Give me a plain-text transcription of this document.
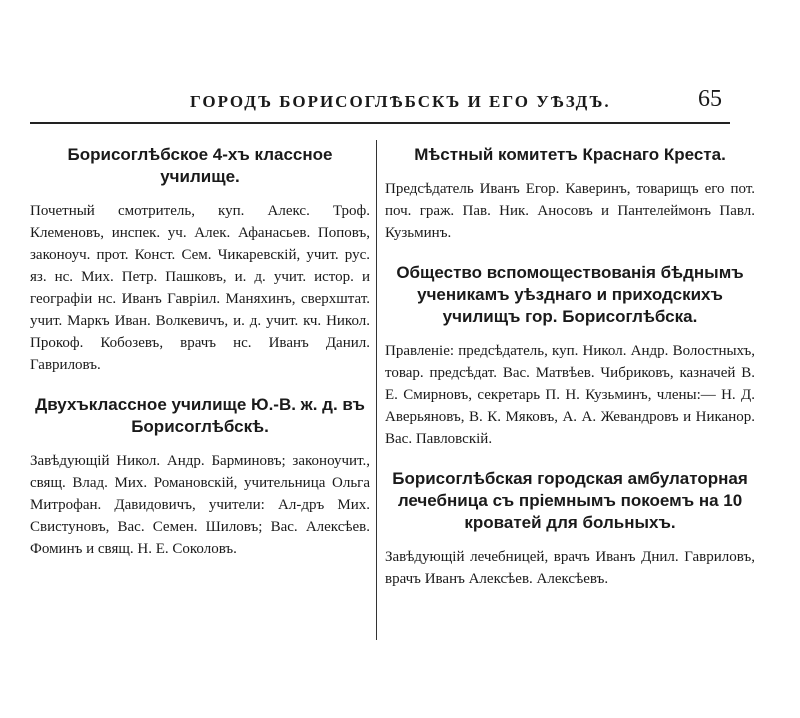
ГОРОДЪ БОРИСОГЛѢБСКЪ И ЕГО УѢЗДЪ.	65
Борисоглѣбское 4-хъ классное училище.
Почетный смотритель, куп. Алекс. Троф. Клеменовъ, инспек. уч. Алек. Афанасьев. Поповъ, законоуч. прот. Конст. Сем. Чикаревскій, учит. рус. яз. нс. Мих. Петр. Пашковъ, и. д. учит. истор. и географіи нс. Иванъ Гавріил. Маняхинъ, сверхштат. учит. Маркъ Иван. Волкевичъ, и. д. учит. кч. Никол. Прокоф. Кобозевъ, врачъ нс. Иванъ Данил. Гавриловъ.
Двухъклассное училище Ю.-В. ж. д. въ Борисоглѣбскѣ.
Завѣдующій Никол. Андр. Барминовъ; законоучит., свящ. Влад. Мих. Романовскій, учительница Ольга Митрофан. Давидовичъ, учители: Ал-дръ Мих. Свистуновъ, Вас. Семен. Шиловъ; Вас. Алексѣев. Фоминъ и свящ. Н. Е. Соколовъ.
Мѣстный комитетъ Краснаго Креста.
Предсѣдатель Иванъ Егор. Каверинъ, товарищъ его пот. поч. граж. Пав. Ник. Аносовъ и Пантелеймонъ Павл. Кузьминъ.
Общество вспомоществованія бѣднымъ ученикамъ уѣзднаго и приходскихъ училищъ гор. Борисоглѣбска.
Правленіе: предсѣдатель, куп. Никол. Андр. Волостныхъ, товар. предсѣдат. Вас. Матвѣев. Чибриковъ, казначей В. Е. Смирновъ, секретарь П. Н. Кузьминъ, члены:— Н. Д. Аверьяновъ, В. К. Мяковъ, А. А. Жевандровъ и Никанор. Вас. Павловскій.
Борисоглѣбская городская амбулаторная лечебница съ пріемнымъ покоемъ на 10 кроватей для больныхъ.
Завѣдующій лечебницей, врачъ Иванъ Днил. Гавриловъ, врачъ Иванъ Алексѣев. Алексѣевъ.
